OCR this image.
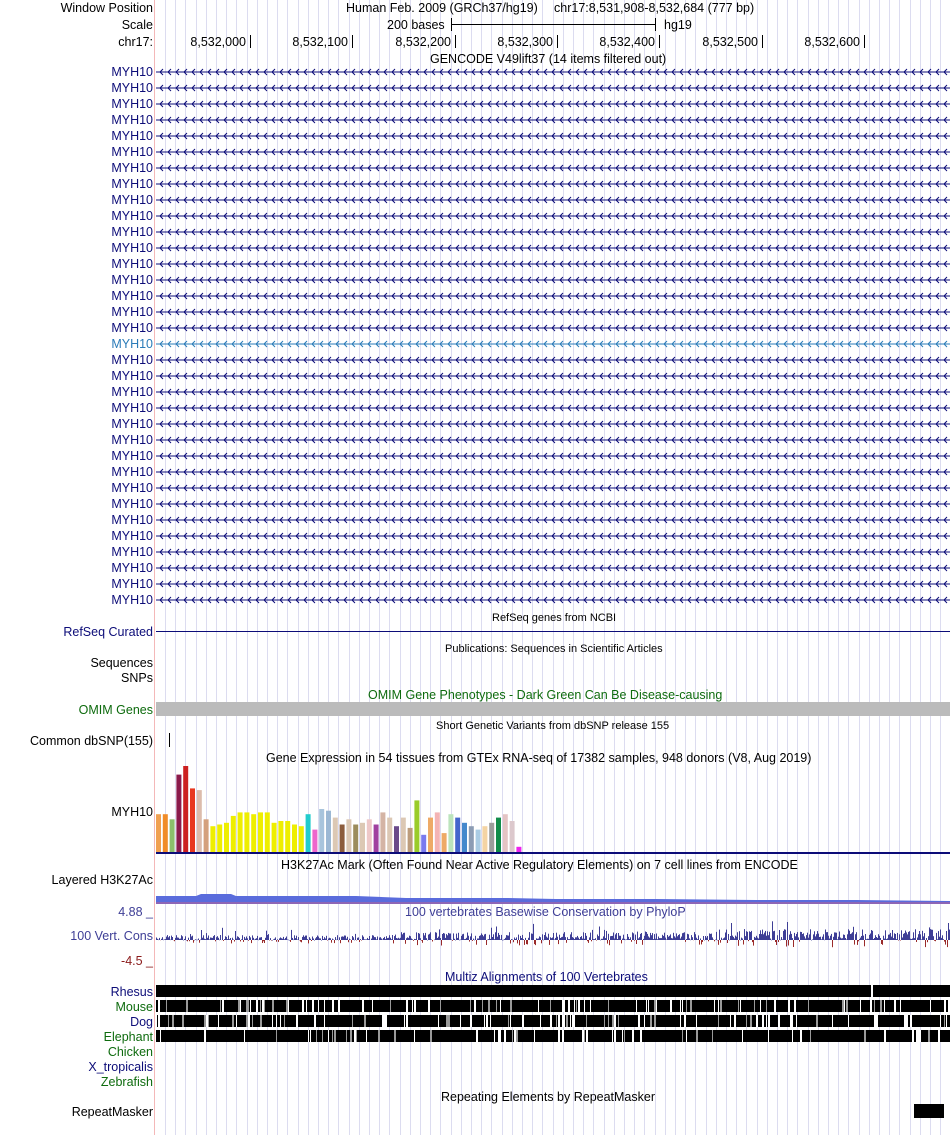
Window Position
Scale
chr17:
Human Feb. 2009 (GRCh37/hg19) chr17:8,531,908-8,532,684 (777 bp)
200 bases	hg19
8,532,000	8,532,100	8,532,200	8,532,300	8,532,400	8,532,500	8,532,600
GENCODE V49lift37 (14 items filtered out)
MYH10
MYH10
MYH10
MYH10
MYH10
MYH10
MYH10
MYH10
MYH10
MYH10
MYH10
MYH10
MYH10
MYH10
MYH10
MYH10
MYH10
MYH10
MYH10
MYH10
MYH10
MYH10
MYH10
MYH10
MYH10
MYH10
MYH10
MYH10
MYH10
MYH10
MYH10
MYH10
MYH10
MYH10
RefSeq genes from NCBI
RefSeq Curated
Publications: Sequences in Scientific Articles
Sequences
SNPs
OMIM Gene Phenotypes - Dark Green Can Be Disease-causing
OMIM Genes
Short Genetic Variants from dbSNP release 155
Common dbSNP(155)
Gene Expression in 54 tissues from GTEx RNA-seq of 17382 samples, 948 donors (V8, Aug 2019)
MYH10
H3K27Ac Mark (Often Found Near Active Regulatory Elements) on 7 cell lines from ENCODE
Layered H3K27Ac
100 vertebrates Basewise Conservation by PhyloP
4.88 _
100 Vert. Cons
-4.5 _
Multiz Alignments of 100 Vertebrates
Rhesus
Mouse
Dog
Elephant
Chicken
X_tropicalis
Zebrafish
Repeating Elements by RepeatMasker
RepeatMasker
